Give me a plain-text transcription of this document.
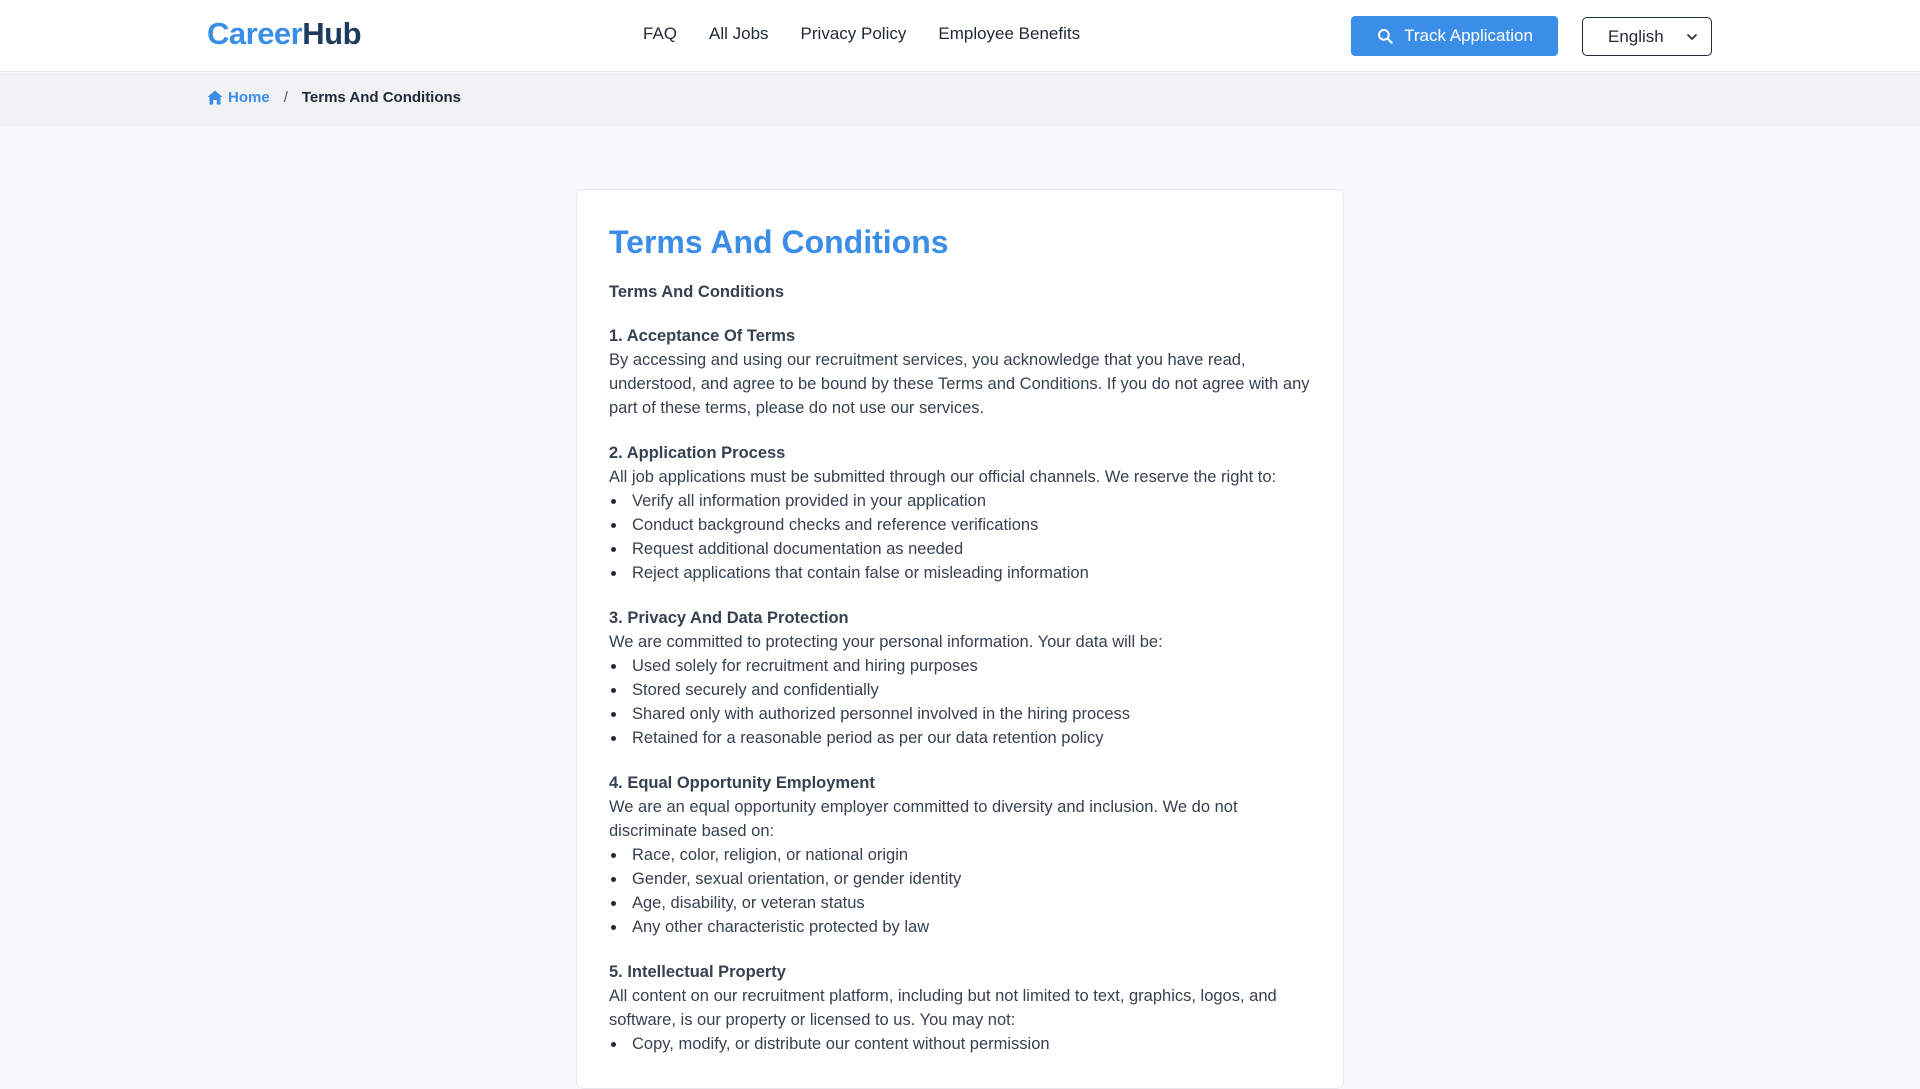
Career Hub	FAQ All Jobs Privacy Policy Employee Benefits	Track Application	English
Home / Terms And Conditions
Terms And Conditions
Terms And Conditions
1. Acceptance Of Terms

By accessing and using our recruitment services, you acknowledge that you have read, understood, and agree to be bound by these Terms and Conditions. If you do not agree with any part of these terms, please do not use our services.

2. Application Process

All job applications must be submitted through our official channels. We reserve the right to:

Verify all information provided in your application
Conduct background checks and reference verifications
Request additional documentation as needed
Reject applications that contain false or misleading information
3. Privacy And Data Protection

We are committed to protecting your personal information. Your data will be:

Used solely for recruitment and hiring purposes
Stored securely and confidentially
Shared only with authorized personnel involved in the hiring process
Retained for a reasonable period as per our data retention policy
4. Equal Opportunity Employment

We are an equal opportunity employer committed to diversity and inclusion. We do not discriminate based on:

Race, color, religion, or national origin
Gender, sexual orientation, or gender identity
Age, disability, or veteran status
Any other characteristic protected by law
5. Intellectual Property

All content on our recruitment platform, including but not limited to text, graphics, logos, and software, is our property or licensed to us. You may not:

Copy, modify, or distribute our content without permission
